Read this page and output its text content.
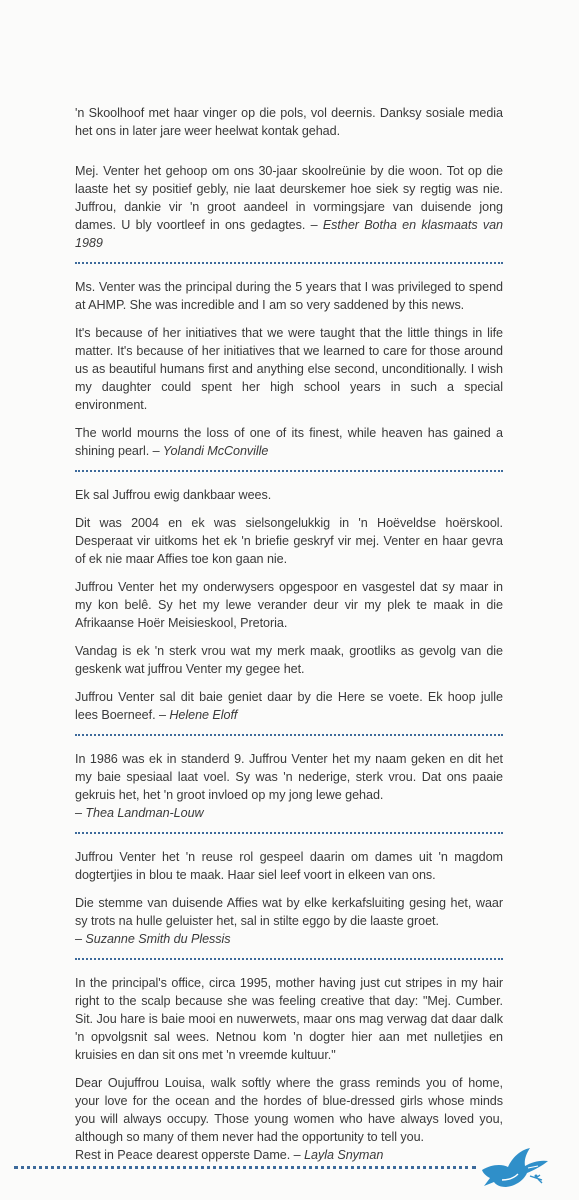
'n Skoolhoof met haar vinger op die pols, vol deernis. Danksy sosiale media het ons in later jare weer heelwat kontak gehad.

Mej. Venter het gehoop om ons 30-jaar skoolreünie by die woon. Tot op die laaste het sy positief gebly, nie laat deurskemer hoe siek sy regtig was nie. Juffrou, dankie vir 'n groot aandeel in vormingsjare van duisende jong dames. U bly voortleef in ons gedagtes. – Esther Botha en klasmaats van 1989

Ms. Venter was the principal during the 5 years that I was privileged to spend at AHMP. She was incredible and I am so very saddened by this news.

It's because of her initiatives that we were taught that the little things in life matter. It's because of her initiatives that we learned to care for those around us as beautiful humans first and anything else second, unconditionally. I wish my daughter could spent her high school years in such a special environment.

The world mourns the loss of one of its finest, while heaven has gained a shining pearl. – Yolandi McConville

Ek sal Juffrou ewig dankbaar wees.

Dit was 2004 en ek was sielsongelukkig in 'n Hoëveldse hoërskool. Desperaat vir uitkoms het ek 'n briefie geskryf vir mej. Venter en haar gevra of ek nie maar Affies toe kon gaan nie.

Juffrou Venter het my onderwysers opgespoor en vasgestel dat sy maar in my kon belê. Sy het my lewe verander deur vir my plek te maak in die Afrikaanse Hoër Meisieskool, Pretoria.

Vandag is ek 'n sterk vrou wat my merk maak, grootliks as gevolg van die geskenk wat juffrou Venter my gegee het.

Juffrou Venter sal dit baie geniet daar by die Here se voete. Ek hoop julle lees Boerneef. – Helene Eloff

In 1986 was ek in standerd 9. Juffrou Venter het my naam geken en dit het my baie spesiaal laat voel. Sy was 'n nederige, sterk vrou. Dat ons paaie gekruis het, het 'n groot invloed op my jong lewe gehad.
– Thea Landman-Louw

Juffrou Venter het 'n reuse rol gespeel daarin om dames uit 'n magdom dogtertjies in blou te maak. Haar siel leef voort in elkeen van ons.

Die stemme van duisende Affies wat by elke kerkafsluiting gesing het, waar sy trots na hulle geluister het, sal in stilte eggo by die laaste groet.
– Suzanne Smith du Plessis

In the principal's office, circa 1995, mother having just cut stripes in my hair right to the scalp because she was feeling creative that day: "Mej. Cumber. Sit. Jou hare is baie mooi en nuwerwets, maar ons mag verwag dat daar dalk 'n opvolgsnit sal wees. Netnou kom 'n dogter hier aan met nulletjies en kruisies en dan sit ons met 'n vreemde kultuur."

Dear Oujuffrou Louisa, walk softly where the grass reminds you of home, your love for the ocean and the hordes of blue-dressed girls whose minds you will always occupy. Those young women who have always loved you, although so many of them never had the opportunity to tell you.
Rest in Peace dearest opperste Dame. – Layla Snyman
